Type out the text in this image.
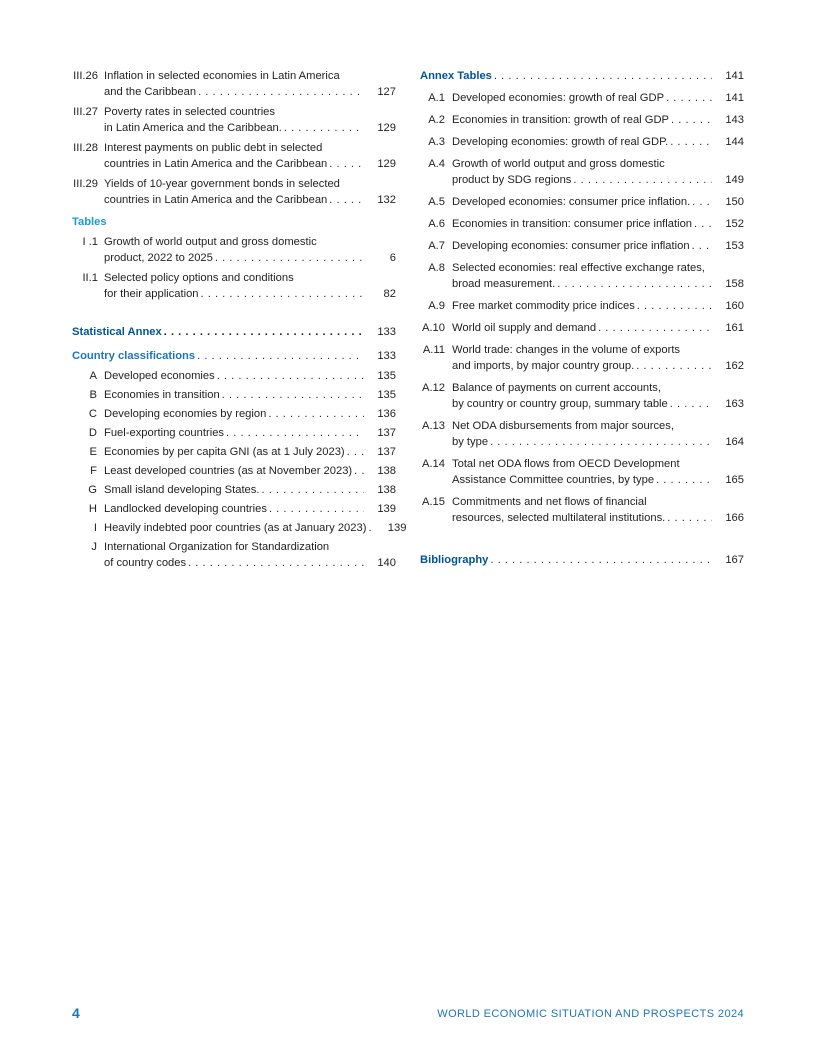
III.26 Inflation in selected economies in Latin America
and the Caribbean . . .	127
III.27 Poverty rates in selected countries
in Latin America and the Caribbean. . . .	129
III.28 Interest payments on public debt in selected
countries in Latin America and the Caribbean . . .	129
III.29 Yields of 10-year government bonds in selected
countries in Latin America and the Caribbean . . .	132
Tables
I .1 Growth of world output and gross domestic
product, 2022 to 2025 . . .	6
II.1 Selected policy options and conditions
for their application . . .	82
Statistical Annex . . .	133
Country classifications . . .	133
A Developed economies . . .	135
B Economies in transition . . .	135
C Developing economies by region . . .	136
D Fuel-exporting countries . . .	137
E Economies by per capita GNI (as at 1 July 2023) . . .	137
F Least developed countries (as at November 2023) . . .	138
G Small island developing States. . . .	138
H Landlocked developing countries . . .	139
I Heavily indebted poor countries (as at January 2023) . . .	139
J International Organization for Standardization
of country codes . . .	140
Annex Tables . . .	141
A.1 Developed economies: growth of real GDP . . .	141
A.2 Economies in transition: growth of real GDP . . .	143
A.3 Developing economies: growth of real GDP. . . .	144
A.4 Growth of world output and gross domestic
product by SDG regions . . .	149
A.5 Developed economies: consumer price inflation. . . .	150
A.6 Economies in transition: consumer price inflation . . .	152
A.7 Developing economies: consumer price inflation . . .	153
A.8 Selected economies: real effective exchange rates,
broad measurement. . . .	158
A.9 Free market commodity price indices . . .	160
A.10 World oil supply and demand . . .	161
A.11 World trade: changes in the volume of exports
and imports, by major country group. . . .	162
A.12 Balance of payments on current accounts,
by country or country group, summary table . . .	163
A.13 Net ODA disbursements from major sources,
by type . . .	164
A.14 Total net ODA flows from OECD Development
Assistance Committee countries, by type . . .	165
A.15 Commitments and net flows of financial
resources, selected multilateral institutions. . . .	166
Bibliography . . .	167
4	WORLD ECONOMIC SITUATION AND PROSPECTS 2024
